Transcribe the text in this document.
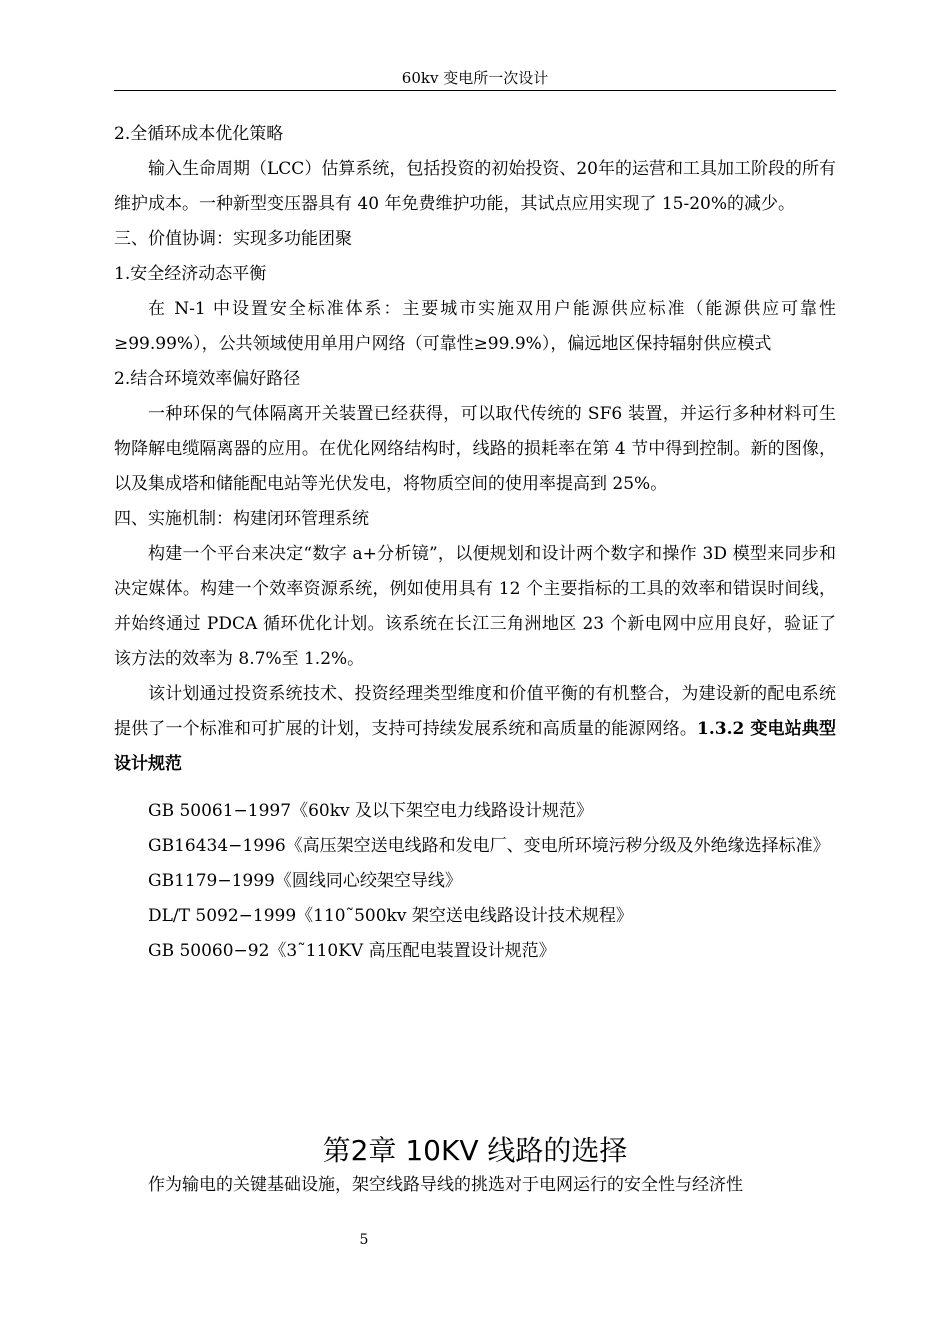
60kv 变电所一次设计

2.全循环成本优化策略

输入生命周期（LCC）估算系统，包括投资的初始投资、20年的运营和工具加工阶段的所有维护成本。一种新型变压器具有 40 年免费维护功能，其试点应用实现了 15-20%的减少。

三、价值协调：实现多功能团聚

1.安全经济动态平衡

在 N-1 中设置安全标准体系：主要城市实施双用户能源供应标准（能源供应可靠性≥99.99%），公共领域使用单用户网络（可靠性≥99.9%），偏远地区保持辐射供应模式

2.结合环境效率偏好路径

一种环保的气体隔离开关装置已经获得，可以取代传统的 SF6 装置，并运行多种材料可生物降解电缆隔离器的应用。在优化网络结构时，线路的损耗率在第 4 节中得到控制。新的图像，以及集成塔和储能配电站等光伏发电，将物质空间的使用率提高到 25%。

四、实施机制：构建闭环管理系统

构建一个平台来决定“数字 a+分析镜”，以便规划和设计两个数字和操作 3D 模型来同步和决定媒体。构建一个效率资源系统，例如使用具有 12 个主要指标的工具的效率和错误时间线，并始终通过 PDCA 循环优化计划。该系统在长江三角洲地区 23 个新电网中应用良好，验证了该方法的效率为 8.7%至 1.2%。

该计划通过投资系统技术、投资经理类型维度和价值平衡的有机整合，为建设新的配电系统提供了一个标准和可扩展的计划，支持可持续发展系统和高质量的能源网络。1.3.2 变电站典型设计规范

GB 50061−1997《60kv 及以下架空电力线路设计规范》

GB16434−1996《高压架空送电线路和发电厂、变电所环境污秽分级及外绝缘选择标准》

GB1179−1999《圆线同心绞架空导线》

DL/T 5092−1999《110˜500kv 架空送电线路设计技术规程》

GB 50060−92《3˜110KV 高压配电装置设计规范》

第2章 10KV 线路的选择
作为输电的关键基础设施，架空线路导线的挑选对于电网运行的安全性与经济性
5
